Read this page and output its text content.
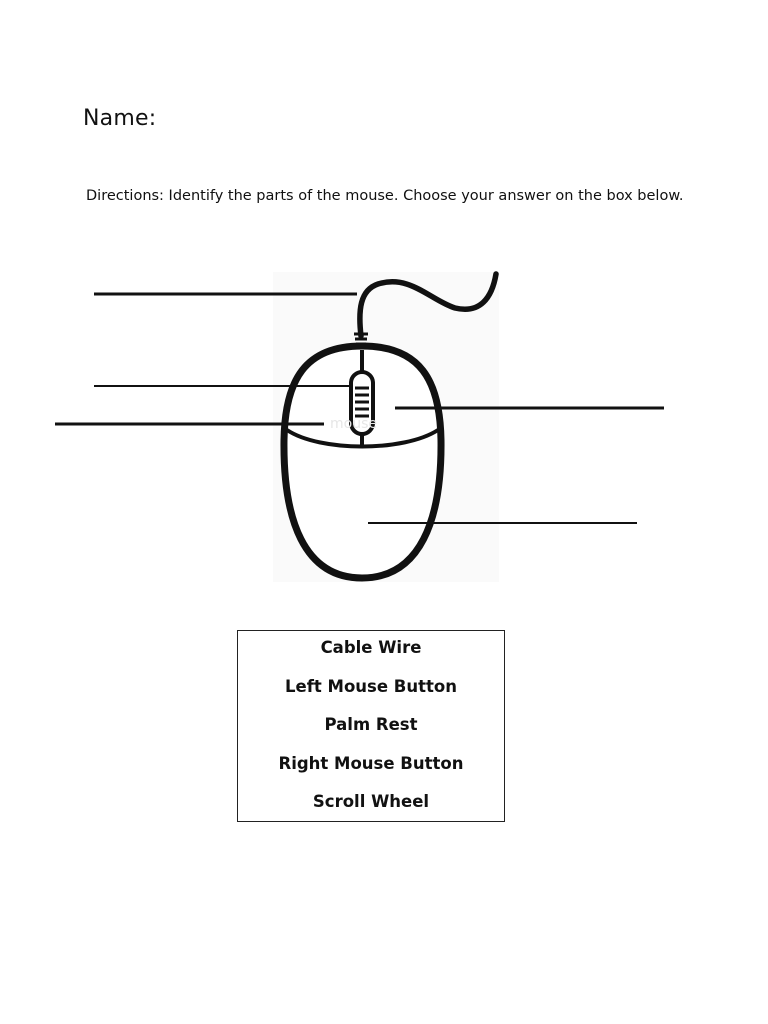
Name:
Directions: Identify the parts of the mouse. Choose your answer on the box below.
mouse
Cable Wire
Left Mouse Button
Palm Rest
Right Mouse Button
Scroll Wheel
